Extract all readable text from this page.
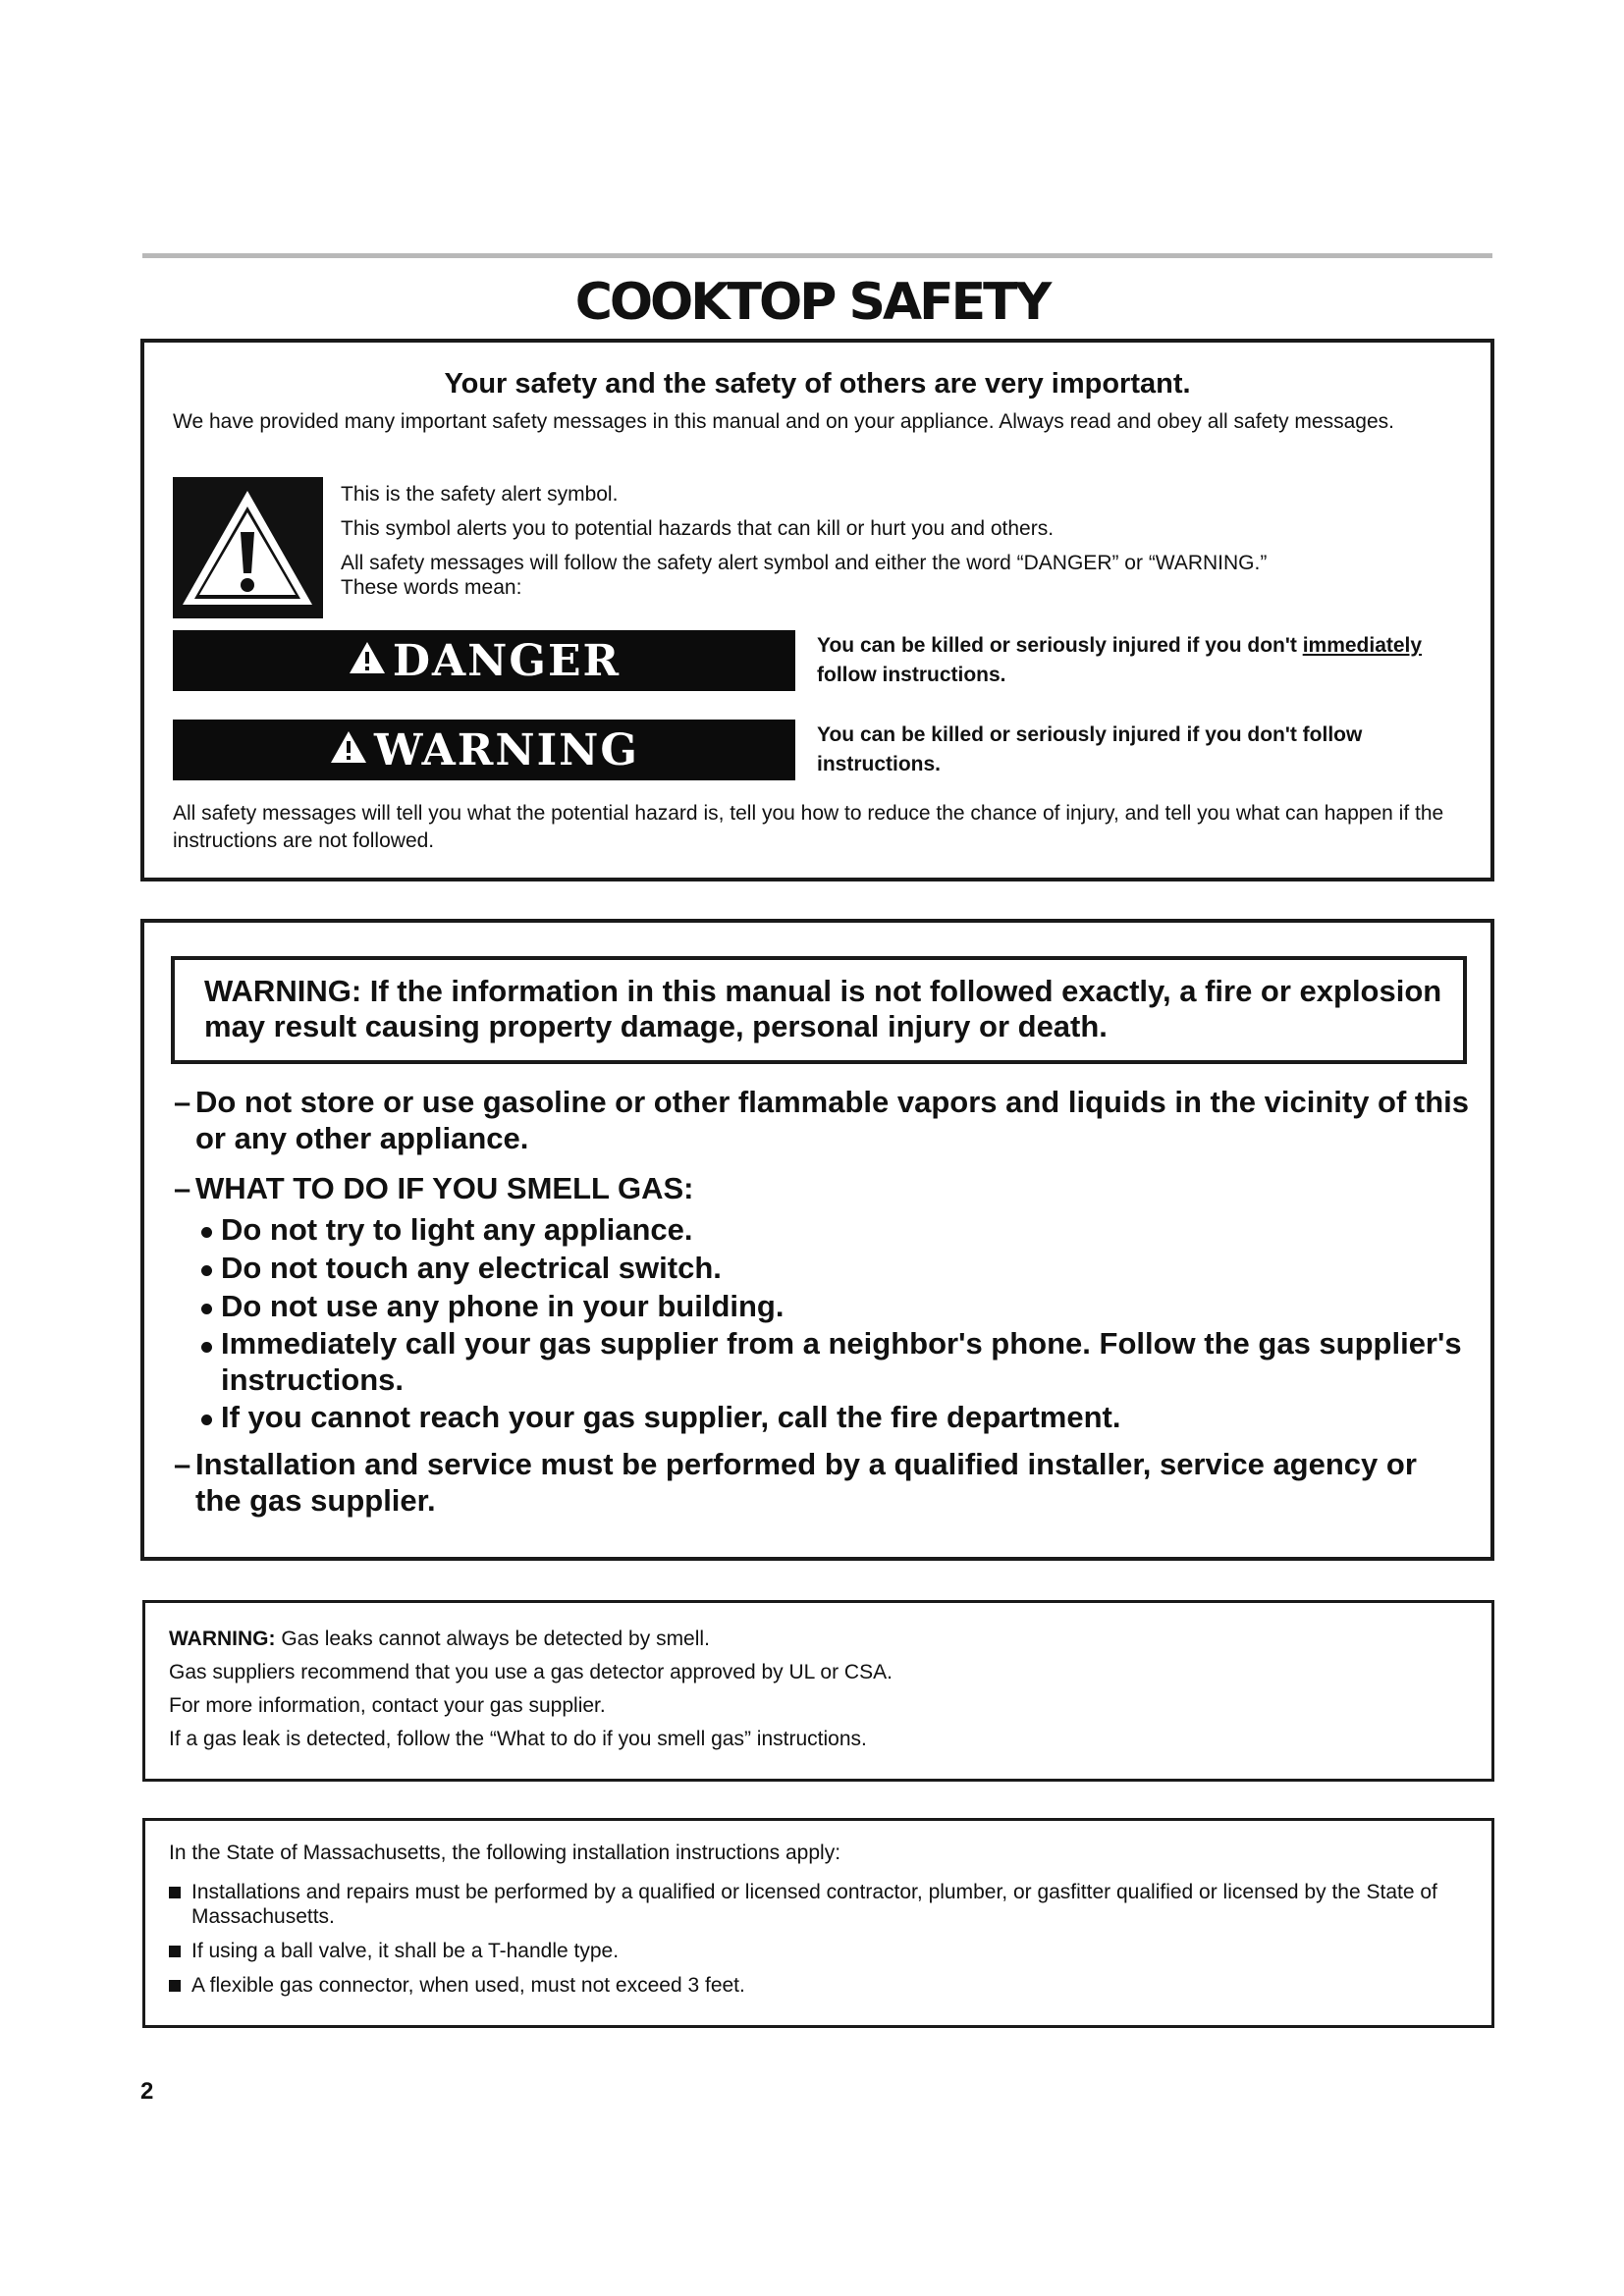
COOKTOP SAFETY
Your safety and the safety of others are very important.
We have provided many important safety messages in this manual and on your appliance. Always read and obey all safety messages.
This is the safety alert symbol.
This symbol alerts you to potential hazards that can kill or hurt you and others.
All safety messages will follow the safety alert symbol and either the word “DANGER” or “WARNING.”
These words mean:
DANGER	You can be killed or seriously injured if you don't immediately
follow instructions.
WARNING	You can be killed or seriously injured if you don't follow instructions.
All safety messages will tell you what the potential hazard is, tell you how to reduce the chance of injury, and tell you what can happen if the instructions are not followed.
WARNING: If the information in this manual is not followed exactly, a fire or explosion may result causing property damage, personal injury or death.
– Do not store or use gasoline or other flammable vapors and liquids in the vicinity of this or any other appliance.
– WHAT TO DO IF YOU SMELL GAS:
Do not try to light any appliance.
Do not touch any electrical switch.
Do not use any phone in your building.
Immediately call your gas supplier from a neighbor's phone. Follow the gas supplier's instructions.
If you cannot reach your gas supplier, call the fire department.
– Installation and service must be performed by a qualified installer, service agency or the gas supplier.
WARNING: Gas leaks cannot always be detected by smell.
Gas suppliers recommend that you use a gas detector approved by UL or CSA.
For more information, contact your gas supplier.
If a gas leak is detected, follow the “What to do if you smell gas” instructions.
In the State of Massachusetts, the following installation instructions apply:
Installations and repairs must be performed by a qualified or licensed contractor, plumber, or gasfitter qualified or licensed by the State of Massachusetts.
If using a ball valve, it shall be a T-handle type.
A flexible gas connector, when used, must not exceed 3 feet.
2
